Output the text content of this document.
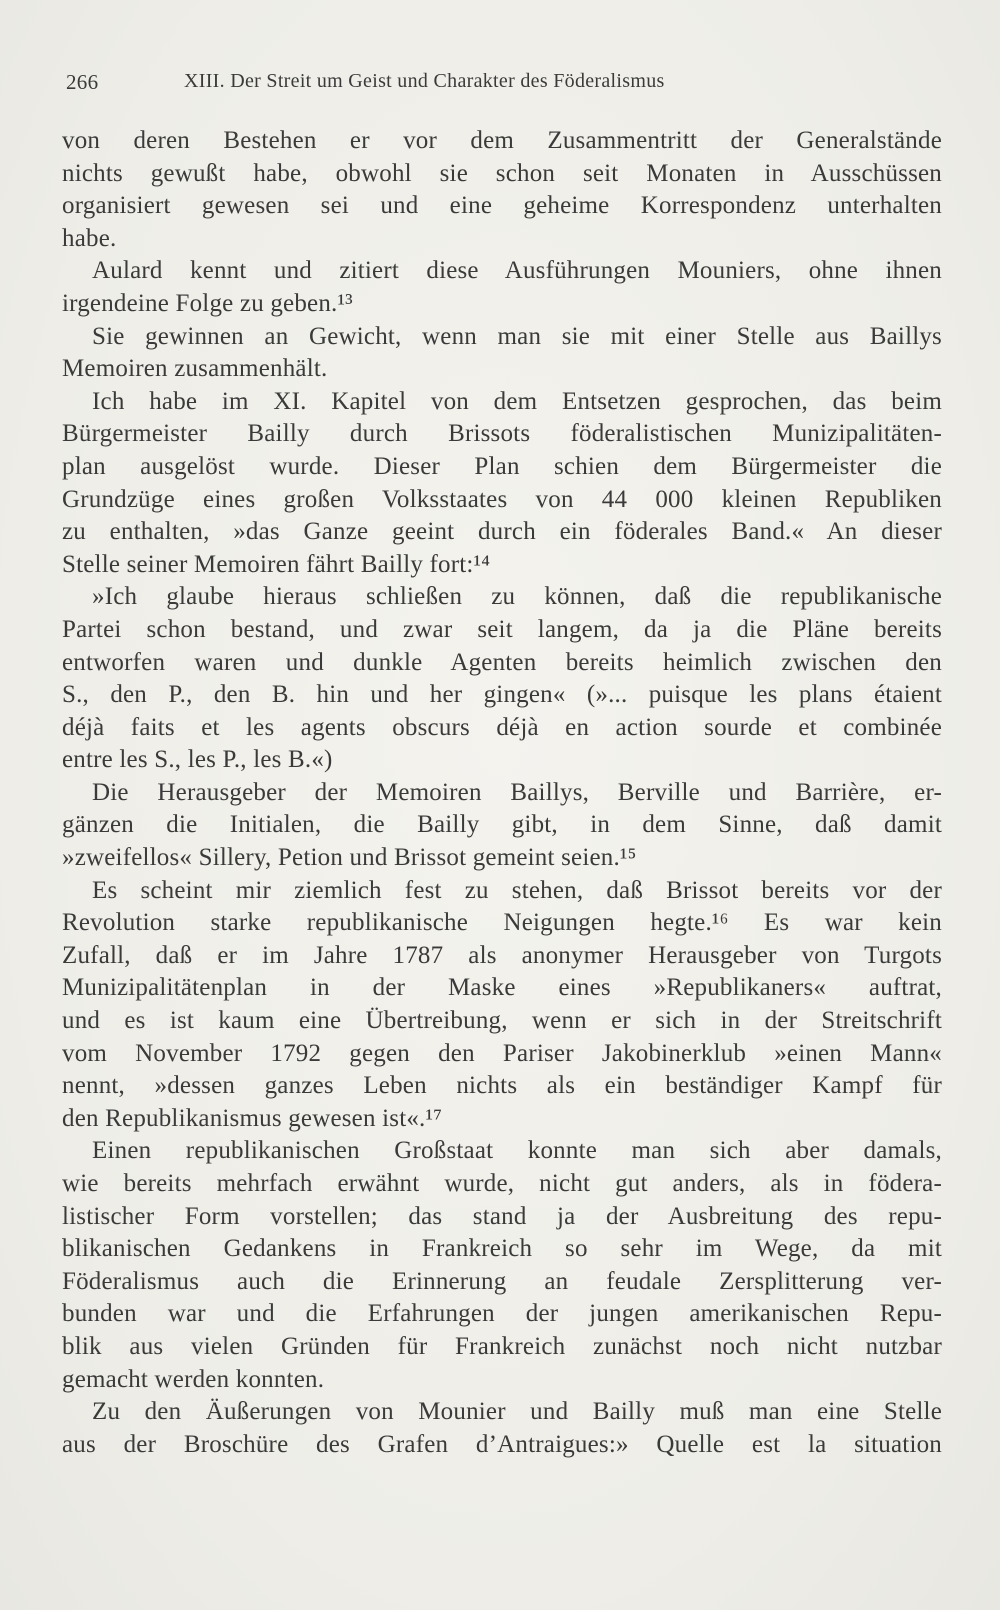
266	XIII. Der Streit um Geist und Charakter des Föderalismus
von deren Bestehen er vor dem Zusammentritt der Generalstände
nichts gewußt habe, obwohl sie schon seit Monaten in Ausschüssen
organisiert gewesen sei und eine geheime Korrespondenz unterhalten
habe.
Aulard kennt und zitiert diese Ausführungen Mouniers, ohne ihnen
irgendeine Folge zu geben.¹³
Sie gewinnen an Gewicht, wenn man sie mit einer Stelle aus Baillys
Memoiren zusammenhält.
Ich habe im XI. Kapitel von dem Entsetzen gesprochen, das beim
Bürgermeister Bailly durch Brissots föderalistischen Munizipalitäten-
plan ausgelöst wurde. Dieser Plan schien dem Bürgermeister die
Grundzüge eines großen Volksstaates von 44 000 kleinen Republiken
zu enthalten, »das Ganze geeint durch ein föderales Band.« An dieser
Stelle seiner Memoiren fährt Bailly fort:¹⁴
»Ich glaube hieraus schließen zu können, daß die republikanische
Partei schon bestand, und zwar seit langem, da ja die Pläne bereits
entworfen waren und dunkle Agenten bereits heimlich zwischen den
S., den P., den B. hin und her gingen« (»... puisque les plans étaient
déjà faits et les agents obscurs déjà en action sourde et combinée
entre les S., les P., les B.«)
Die Herausgeber der Memoiren Baillys, Berville und Barrière, er-
gänzen die Initialen, die Bailly gibt, in dem Sinne, daß damit
»zweifellos« Sillery, Petion und Brissot gemeint seien.¹⁵
Es scheint mir ziemlich fest zu stehen, daß Brissot bereits vor der
Revolution starke republikanische Neigungen hegte.¹⁶ Es war kein
Zufall, daß er im Jahre 1787 als anonymer Herausgeber von Turgots
Munizipalitätenplan in der Maske eines »Republikaners« auftrat,
und es ist kaum eine Übertreibung, wenn er sich in der Streitschrift
vom November 1792 gegen den Pariser Jakobinerklub »einen Mann«
nennt, »dessen ganzes Leben nichts als ein beständiger Kampf für
den Republikanismus gewesen ist«.¹⁷
Einen republikanischen Großstaat konnte man sich aber damals,
wie bereits mehrfach erwähnt wurde, nicht gut anders, als in födera-
listischer Form vorstellen; das stand ja der Ausbreitung des repu-
blikanischen Gedankens in Frankreich so sehr im Wege, da mit
Föderalismus auch die Erinnerung an feudale Zersplitterung ver-
bunden war und die Erfahrungen der jungen amerikanischen Repu-
blik aus vielen Gründen für Frankreich zunächst noch nicht nutzbar
gemacht werden konnten.
Zu den Äußerungen von Mounier und Bailly muß man eine Stelle
aus der Broschüre des Grafen d’Antraigues:» Quelle est la situation
